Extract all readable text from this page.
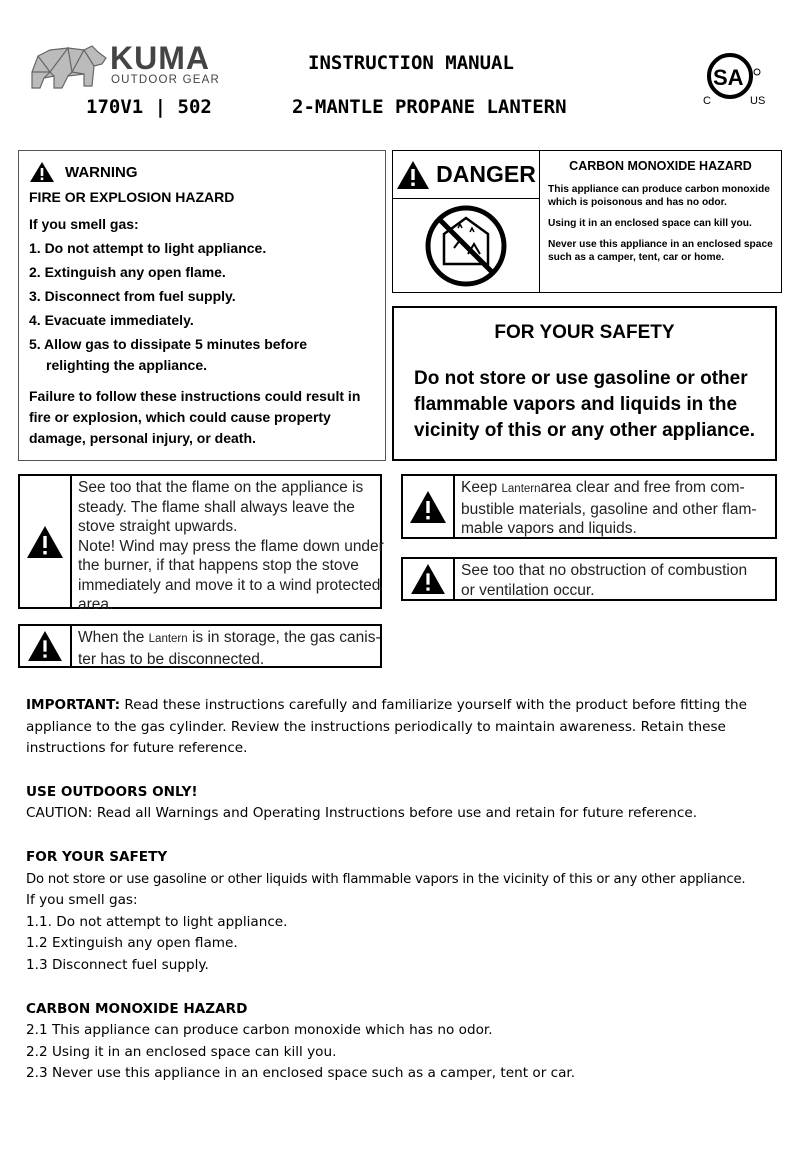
KUMA
OUTDOOR GEAR
170V1 | 502
INSTRUCTION MANUAL
2-MANTLE PROPANE LANTERN
SA
C	US
WARNING
FIRE OR EXPLOSION HAZARD
If you smell gas:
1. Do not attempt to light appliance.
2. Extinguish any open flame.
3. Disconnect from fuel supply.
4. Evacuate immediately.
5. Allow gas to dissipate 5 minutes before
relighting the appliance.
Failure to follow these instructions could result in
fire or explosion, which could cause property
damage, personal injury, or death.
DANGER	CARBON MONOXIDE HAZARD

This appliance can produce carbon monoxide which is poisonous and has no odor.

Using it in an enclosed space can kill you.

Never use this appliance in an enclosed space such as a camper, tent, car or home.

FOR YOUR SAFETY
Do not store or use gasoline or other flammable vapors and liquids in the vicinity of this or any other appliance.
See too that the flame on the appliance is
steady. The flame shall always leave the
stove straight upwards.
Note! Wind may press the flame down under
the burner, if that happens stop the stove
immediately and move it to a wind protected
area.
Keep Lanternarea clear and free from com-
bustible materials, gasoline and other flam-
mable vapors and liquids.
See too that no obstruction of combustion
or ventilation occur.
When the Lantern is in storage, the gas canis-
ter has to be disconnected.

IMPORTANT: Read these instructions carefully and familiarize yourself with the product before fitting the appliance to the gas cylinder. Review the instructions periodically to maintain awareness. Retain these instructions for future reference.

USE OUTDOORS ONLY!

CAUTION: Read all Warnings and Operating Instructions before use and retain for future reference.

FOR YOUR SAFETY

Do not store or use gasoline or other liquids with flammable vapors in the vicinity of this or any other appliance.

If you smell gas:

1.1. Do not attempt to light appliance.

1.2 Extinguish any open flame.

1.3 Disconnect fuel supply.

CARBON MONOXIDE HAZARD

2.1 This appliance can produce carbon monoxide which has no odor.

2.2 Using it in an enclosed space can kill you.

2.3 Never use this appliance in an enclosed space such as a camper, tent or car.
